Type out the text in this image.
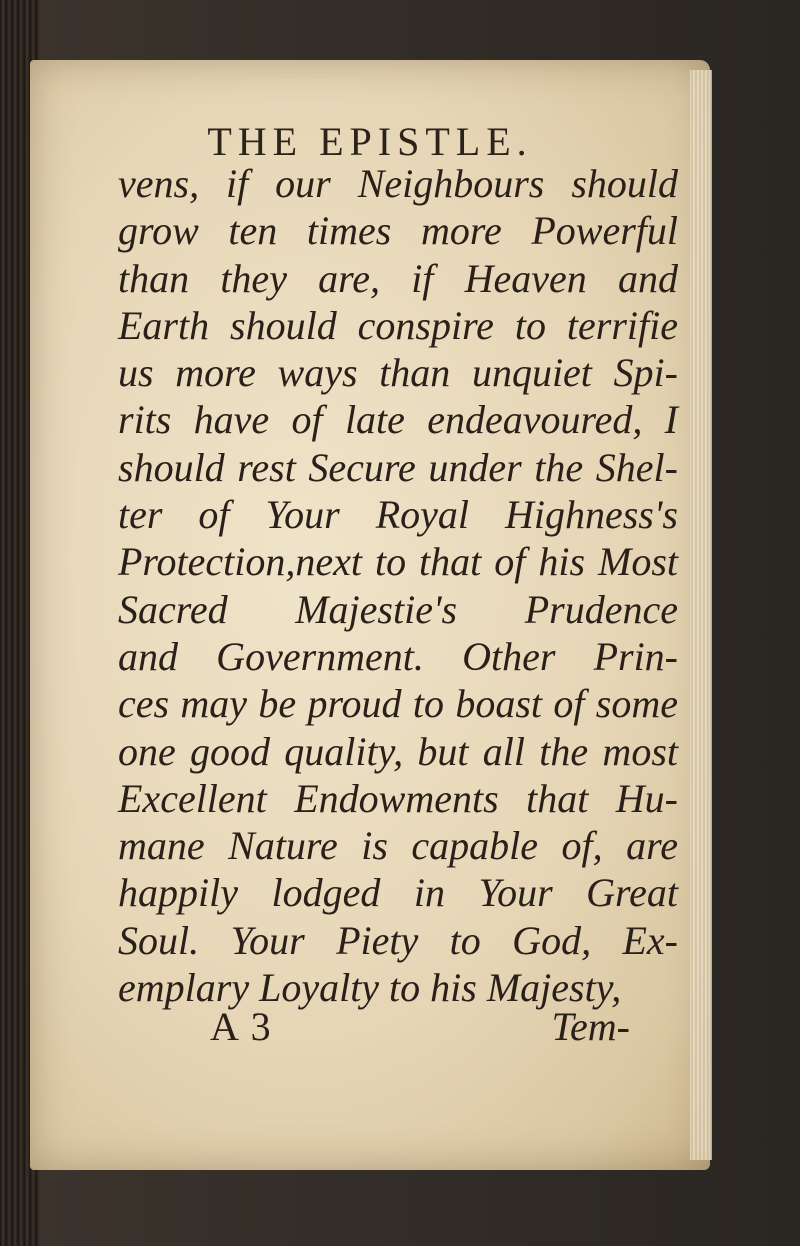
THE EPISTLE.
vens, if our Neighbours should
grow ten times more Powerful
than they are, if Heaven and
Earth should conspire to terrifie
us more ways than unquiet Spi-
rits have of late endeavoured, I
should rest Secure under the Shel-
ter of Your Royal Highness's
Protection,next to that of his Most
Sacred Majestie's Prudence
and Government. Other Prin-
ces may be proud to boast of some
one good quality, but all the most
Excellent Endowments that Hu-
mane Nature is capable of, are
happily lodged in Your Great
Soul. Your Piety to God, Ex-
emplary Loyalty to his Majesty,
A 3	Tem-
